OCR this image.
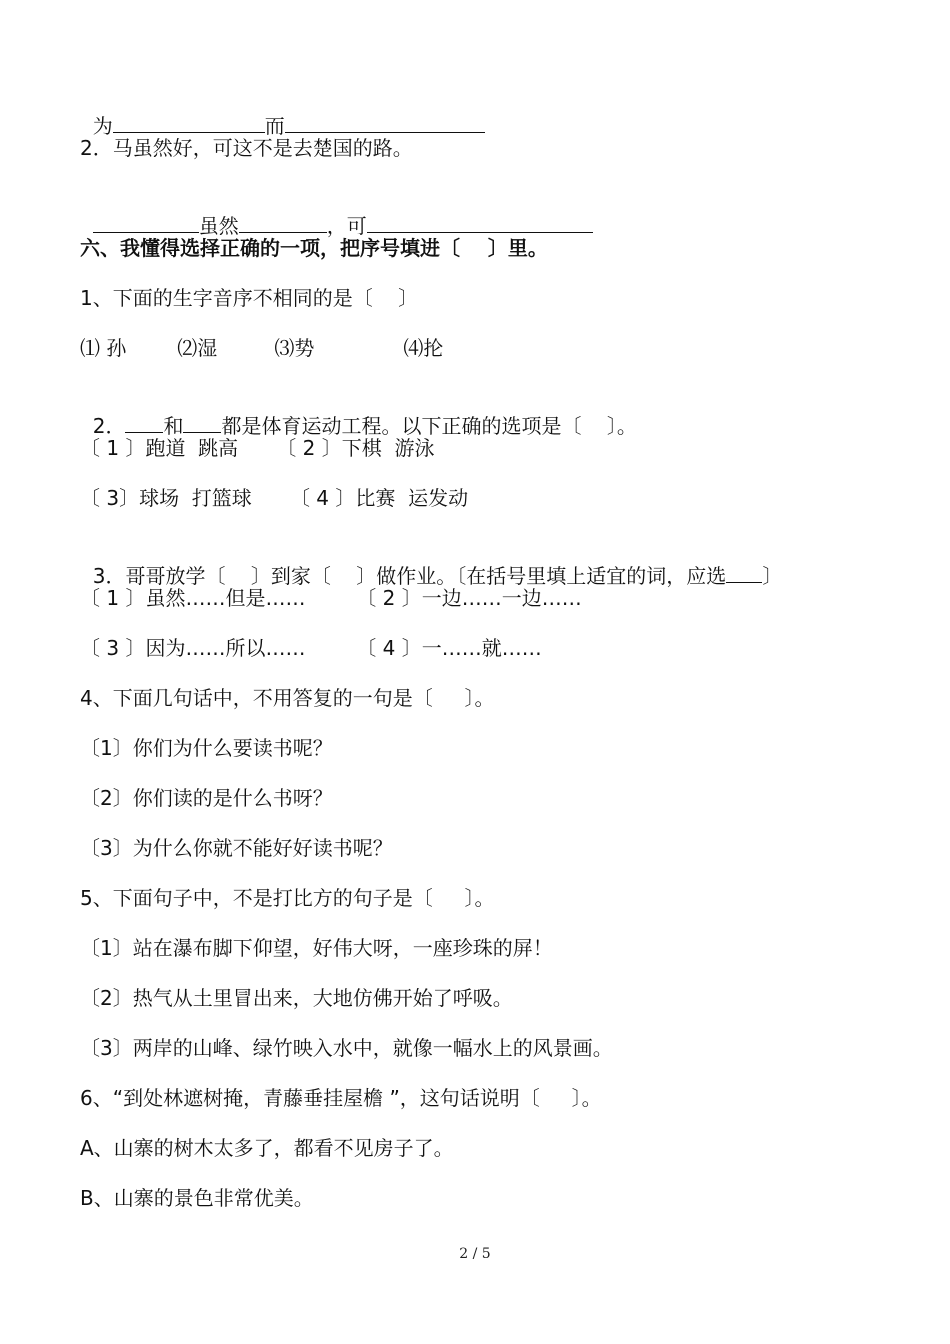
为	而

2．马虽然好，可这不是去楚国的路。

虽然	，可

六、我懂得选择正确的一项，把序号填进〔    〕里。
1、下面的生字音序不相同的是〔    〕
⑴ 孙        ⑵湿         ⑶势              ⑷抡

2． 和 都是体育运动工程。以下正确的选项是〔    〕。

〔 1 〕跑道  跳高      〔 2 〕下棋  游泳
〔 3〕球场  打篮球      〔 4 〕比赛  运发动

3．哥哥放学〔    〕到家〔    〕做作业。〔在括号里填上适宜的词，应选 〕

〔 1 〕虽然……但是……        〔 2 〕一边……一边……
〔 3 〕因为……所以……        〔 4 〕一……就……
4、下面几句话中，不用答复的一句是〔     〕。
〔1〕你们为什么要读书呢？
〔2〕你们读的是什么书呀？
〔3〕为什么你就不能好好读书呢？
5、下面句子中，不是打比方的句子是〔     〕。
〔1〕站在瀑布脚下仰望，好伟大呀，一座珍珠的屏！
〔2〕热气从土里冒出来，大地仿佛开始了呼吸。
〔3〕两岸的山峰、绿竹映入水中，就像一幅水上的风景画。
6、“到处林遮树掩，青藤垂挂屋檐 ”，这句话说明〔     〕。
A、山寨的树木太多了，都看不见房子了。
B、山寨的景色非常优美。
2 / 5
